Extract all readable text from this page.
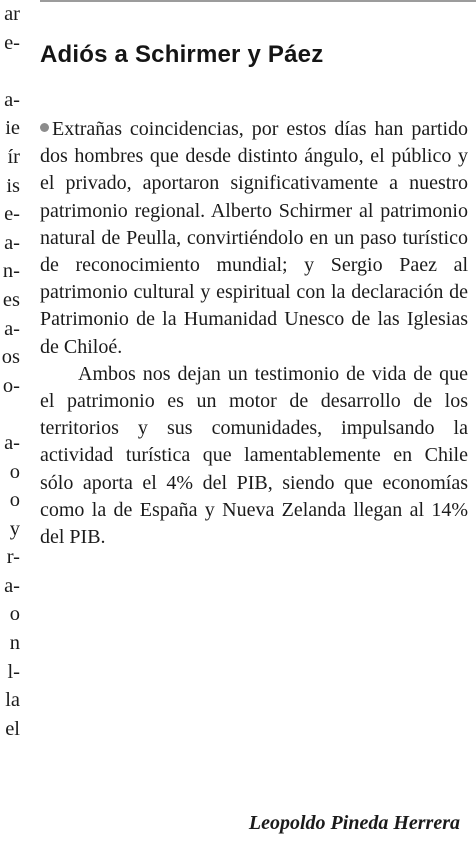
ar
e-
a-
ie
ír
is
e-
a-
n-
es
a-
os
o-
a-
o
o
y
r-
a-
o
n
l-
la
el
Adiós a Schirmer y Páez

Extrañas coincidencias, por estos días han partido dos hombres que desde distinto ángulo, el público y el privado, aportaron significativamente a nuestro patrimonio regional. Alberto Schirmer al patrimonio natural de Peulla, convirtiéndolo en un paso turístico de reconocimiento mundial; y Sergio Paez al patrimonio cultural y espiritual con la declaración de Patrimonio de la Humanidad Unesco de las Iglesias de Chiloé.

Ambos nos dejan un testimonio de vida de que el patrimonio es un motor de desarrollo de los territorios y sus comunidades, impulsando la actividad turística que lamentablemente en Chile sólo aporta el 4% del PIB, siendo que economías como la de España y Nueva Zelanda llegan al 14% del PIB.

Leopoldo Pineda Herrera
